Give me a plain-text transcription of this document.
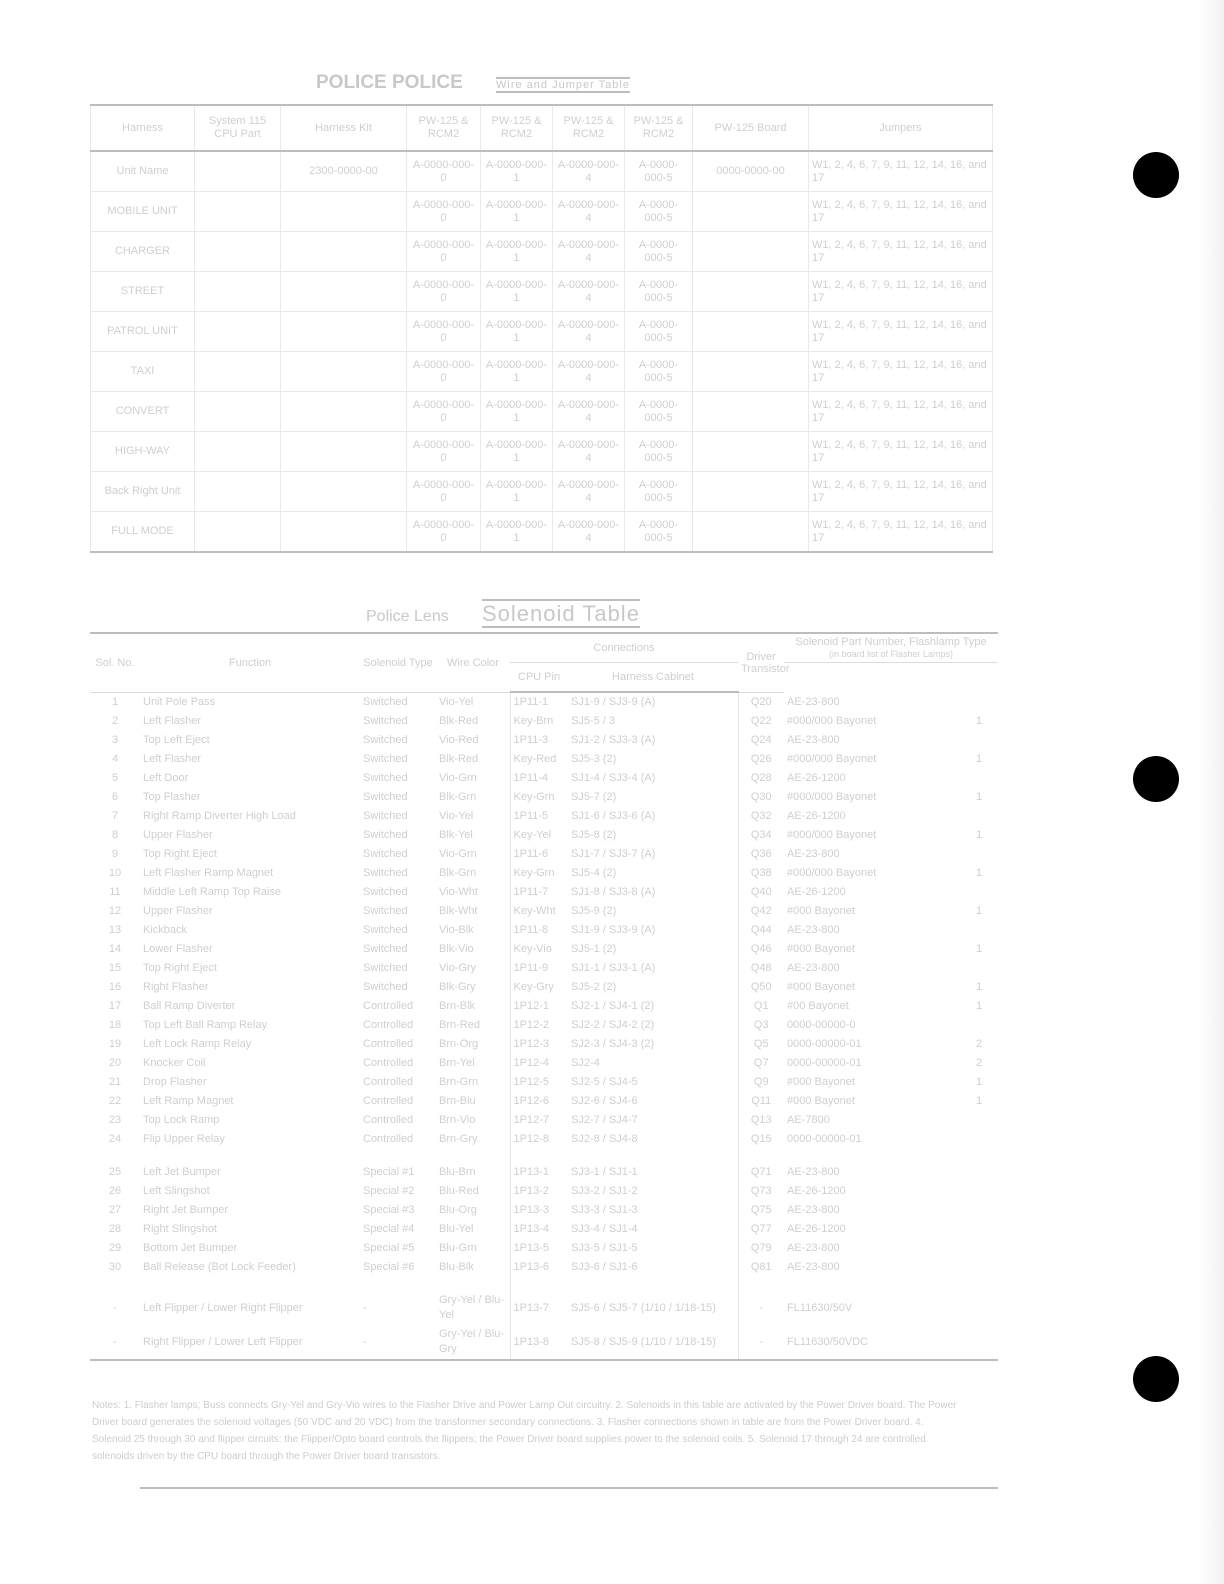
POLICE POLICE	Wire and Jumper Table
Harness	System 115 CPU Part	Harness Kit	PW-125 & RCM2	PW-125 & RCM2	PW-125 & RCM2	PW-125 & RCM2	PW-125 Board	Jumpers
Unit Name		2300-0000-00	A-0000-000-0	A-0000-000-1	A-0000-000-4	A-0000-000-5	0000-0000-00	W1, 2, 4, 6, 7, 9, 11, 12, 14, 16, and 17
MOBILE UNIT			A-0000-000-0	A-0000-000-1	A-0000-000-4	A-0000-000-5		W1, 2, 4, 6, 7, 9, 11, 12, 14, 16, and 17
CHARGER			A-0000-000-0	A-0000-000-1	A-0000-000-4	A-0000-000-5		W1, 2, 4, 6, 7, 9, 11, 12, 14, 16, and 17
STREET			A-0000-000-0	A-0000-000-1	A-0000-000-4	A-0000-000-5		W1, 2, 4, 6, 7, 9, 11, 12, 14, 16, and 17
PATROL UNIT			A-0000-000-0	A-0000-000-1	A-0000-000-4	A-0000-000-5		W1, 2, 4, 6, 7, 9, 11, 12, 14, 16, and 17
TAXI			A-0000-000-0	A-0000-000-1	A-0000-000-4	A-0000-000-5		W1, 2, 4, 6, 7, 9, 11, 12, 14, 16, and 17
CONVERT			A-0000-000-0	A-0000-000-1	A-0000-000-4	A-0000-000-5		W1, 2, 4, 6, 7, 9, 11, 12, 14, 16, and 17
HIGH-WAY			A-0000-000-0	A-0000-000-1	A-0000-000-4	A-0000-000-5		W1, 2, 4, 6, 7, 9, 11, 12, 14, 16, and 17
Back Right Unit			A-0000-000-0	A-0000-000-1	A-0000-000-4	A-0000-000-5		W1, 2, 4, 6, 7, 9, 11, 12, 14, 16, and 17
FULL MODE			A-0000-000-0	A-0000-000-1	A-0000-000-4	A-0000-000-5		W1, 2, 4, 6, 7, 9, 11, 12, 14, 16, and 17
Police Lens Solenoid Table
Sol. No.	Function	Solenoid Type	Wire Color	Connections		Driver Transistor	Solenoid Part Number, Flashlamp Type
(in board list of Flasher Lamps)	

				CPU Pin	Harness Cabinet			
1	Unit Pole Pass	Switched	Vio-Yel	1P11-1	SJ1-9 / SJ3-9 (A)	Q20	AE-23-800	
2	Left Flasher	Switched	Blk-Red	Key-Brn	SJ5-5 / 3	Q22	#000/000 Bayonet	1
3	Top Left Eject	Switched	Vio-Red	1P11-3	SJ1-2 / SJ3-3 (A)	Q24	AE-23-800	
4	Left Flasher	Switched	Blk-Red	Key-Red	SJ5-3 (2)	Q26	#000/000 Bayonet	1
5	Left Door	Switched	Vio-Grn	1P11-4	SJ1-4 / SJ3-4 (A)	Q28	AE-26-1200	
6	Top Flasher	Switched	Blk-Grn	Key-Grn	SJ5-7 (2)	Q30	#000/000 Bayonet	1
7	Right Ramp Diverter High Load	Switched	Vio-Yel	1P11-5	SJ1-6 / SJ3-6 (A)	Q32	AE-26-1200	
8	Upper Flasher	Switched	Blk-Yel	Key-Yel	SJ5-8 (2)	Q34	#000/000 Bayonet	1
9	Top Right Eject	Switched	Vio-Grn	1P11-6	SJ1-7 / SJ3-7 (A)	Q36	AE-23-800	
10	Left Flasher Ramp Magnet	Switched	Blk-Grn	Key-Grn	SJ5-4 (2)	Q38	#000/000 Bayonet	1
11	Middle Left Ramp Top Raise	Switched	Vio-Wht	1P11-7	SJ1-8 / SJ3-8 (A)	Q40	AE-26-1200	
12	Upper Flasher	Switched	Blk-Wht	Key-Wht	SJ5-9 (2)	Q42	#000 Bayonet	1
13	Kickback	Switched	Vio-Blk	1P11-8	SJ1-9 / SJ3-9 (A)	Q44	AE-23-800	
14	Lower Flasher	Switched	Blk-Vio	Key-Vio	SJ5-1 (2)	Q46	#000 Bayonet	1
15	Top Right Eject	Switched	Vio-Gry	1P11-9	SJ1-1 / SJ3-1 (A)	Q48	AE-23-800	
16	Right Flasher	Switched	Blk-Gry	Key-Gry	SJ5-2 (2)	Q50	#000 Bayonet	1
17	Ball Ramp Diverter	Controlled	Brn-Blk	1P12-1	SJ2-1 / SJ4-1 (2)	Q1	#00 Bayonet	1
18	Top Left Ball Ramp Relay	Controlled	Brn-Red	1P12-2	SJ2-2 / SJ4-2 (2)	Q3	0000-00000-0	
19	Left Lock Ramp Relay	Controlled	Brn-Org	1P12-3	SJ2-3 / SJ4-3 (2)	Q5	0000-00000-01	2
20	Knocker Coil	Controlled	Brn-Yel	1P12-4	SJ2-4	Q7	0000-00000-01	2
21	Drop Flasher	Controlled	Brn-Grn	1P12-5	SJ2-5 / SJ4-5	Q9	#000 Bayonet	1
22	Left Ramp Magnet	Controlled	Brn-Blu	1P12-6	SJ2-6 / SJ4-6	Q11	#000 Bayonet	1
23	Top Lock Ramp	Controlled	Brn-Vio	1P12-7	SJ2-7 / SJ4-7	Q13	AE-7800	
24	Flip Upper Relay	Controlled	Brn-Gry	1P12-8	SJ2-8 / SJ4-8	Q15	0000-00000-01	

25	Left Jet Bumper	Special #1	Blu-Brn	1P13-1	SJ3-1 / SJ1-1	Q71	AE-23-800	
26	Left Slingshot	Special #2	Blu-Red	1P13-2	SJ3-2 / SJ1-2	Q73	AE-26-1200	
27	Right Jet Bumper	Special #3	Blu-Org	1P13-3	SJ3-3 / SJ1-3	Q75	AE-23-800	
28	Right Slingshot	Special #4	Blu-Yel	1P13-4	SJ3-4 / SJ1-4	Q77	AE-26-1200	
29	Bottom Jet Bumper	Special #5	Blu-Grn	1P13-5	SJ3-5 / SJ1-5	Q79	AE-23-800	
30	Ball Release (Bot Lock Feeder)	Special #6	Blu-Blk	1P13-6	SJ3-6 / SJ1-6	Q81	AE-23-800	

-	Left Flipper / Lower Right Flipper	-	Gry-Yel / Blu-Yel	1P13-7	SJ5-6 / SJ5-7 (1/10 / 1/18-15)	-	FL11630/50V	
-	Right Flipper / Lower Left Flipper	-	Gry-Yel / Blu-Gry	1P13-8	SJ5-8 / SJ5-9 (1/10 / 1/18-15)	-	FL11630/50VDC	
Notes: 1. Flasher lamps; Buss connects Gry-Yel and Gry-Vio wires to the Flasher Drive and Power Lamp Out circuitry. 2. Solenoids in this table are activated by the Power Driver board. The Power Driver board generates the solenoid voltages (50 VDC and 20 VDC) from the transformer secondary connections. 3. Flasher connections shown in table are from the Power Driver board. 4. Solenoid 25 through 30 and flipper circuits: the Flipper/Opto board controls the flippers; the Power Driver board supplies power to the solenoid coils. 5. Solenoid 17 through 24 are controlled solenoids driven by the CPU board through the Power Driver board transistors.
